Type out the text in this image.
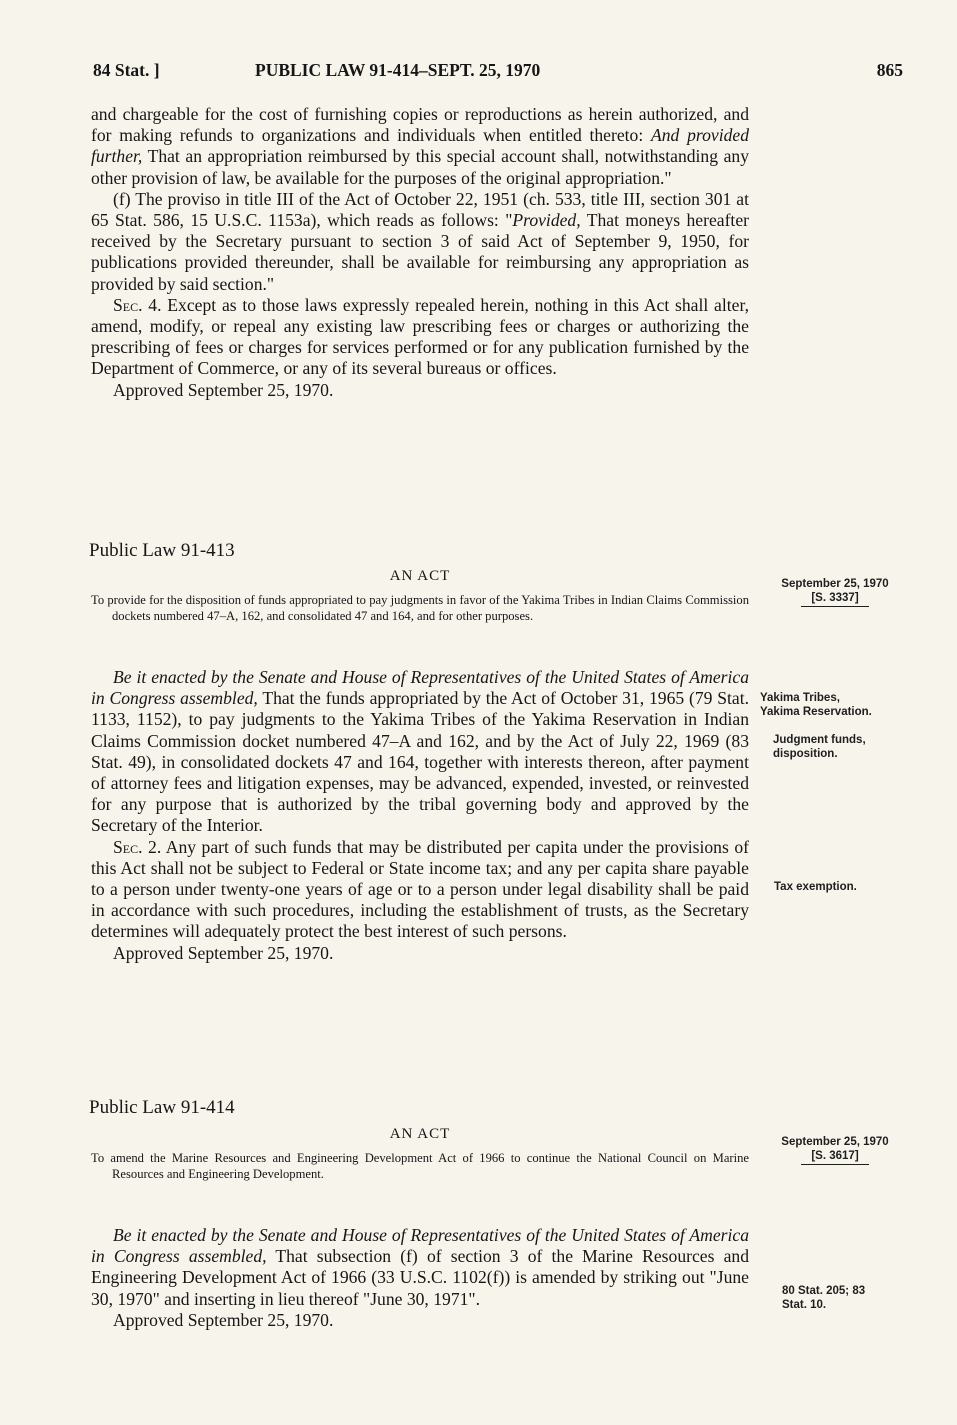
84 Stat. ]	PUBLIC LAW 91-414–SEPT. 25, 1970	865

and chargeable for the cost of furnishing copies or reproductions as herein authorized, and for making refunds to organizations and individuals when entitled thereto: And provided further, That an appropriation reimbursed by this special account shall, notwithstanding any other provision of law, be available for the purposes of the original appropriation."

(f) The proviso in title III of the Act of October 22, 1951 (ch. 533, title III, section 301 at 65 Stat. 586, 15 U.S.C. 1153a), which reads as follows: "Provided, That moneys hereafter received by the Secretary pursuant to section 3 of said Act of September 9, 1950, for publications provided thereunder, shall be available for reimbursing any appropriation as provided by said section."

Sec. 4. Except as to those laws expressly repealed herein, nothing in this Act shall alter, amend, modify, or repeal any existing law prescribing fees or charges or authorizing the prescribing of fees or charges for services performed or for any publication furnished by the Department of Commerce, or any of its several bureaus or offices.

Approved September 25, 1970.

Public Law 91-413
AN ACT
To provide for the disposition of funds appropriated to pay judgments in favor of the Yakima Tribes in Indian Claims Commission dockets numbered 47–A, 162, and consolidated 47 and 164, and for other purposes.
September 25, 1970
[S. 3337]

Be it enacted by the Senate and House of Representatives of the United States of America in Congress assembled, That the funds appropriated by the Act of October 31, 1965 (79 Stat. 1133, 1152), to pay judgments to the Yakima Tribes of the Yakima Reservation in Indian Claims Commission docket numbered 47–A and 162, and by the Act of July 22, 1969 (83 Stat. 49), in consolidated dockets 47 and 164, together with interests thereon, after payment of attorney fees and litigation expenses, may be advanced, expended, invested, or reinvested for any purpose that is authorized by the tribal governing body and approved by the Secretary of the Interior.

Sec. 2. Any part of such funds that may be distributed per capita under the provisions of this Act shall not be subject to Federal or State income tax; and any per capita share payable to a person under twenty-one years of age or to a person under legal disability shall be paid in accordance with such procedures, including the establishment of trusts, as the Secretary determines will adequately protect the best interest of such persons.

Approved September 25, 1970.

Yakima Tribes, Yakima Reservation.
Judgment funds, disposition.
Tax exemption.
Public Law 91-414
AN ACT
To amend the Marine Resources and Engineering Development Act of 1966 to continue the National Council on Marine Resources and Engineering Development.
September 25, 1970
[S. 3617]

Be it enacted by the Senate and House of Representatives of the United States of America in Congress assembled, That subsection (f) of section 3 of the Marine Resources and Engineering Development Act of 1966 (33 U.S.C. 1102(f)) is amended by striking out "June 30, 1970" and inserting in lieu thereof "June 30, 1971".

Approved September 25, 1970.

80 Stat. 205; 83 Stat. 10.
